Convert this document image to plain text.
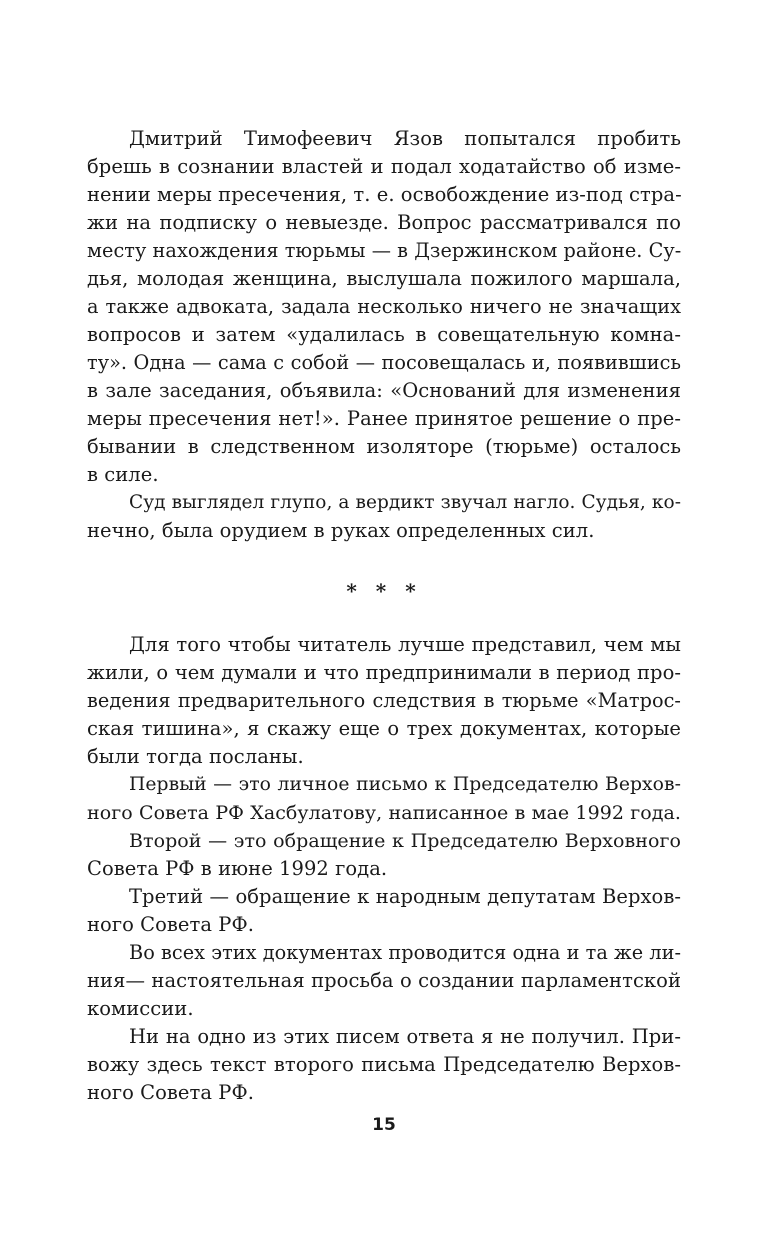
Дмитрий Тимофеевич Язов попытался пробить
брешь в сознании властей и подал ходатайство об изме-
нении меры пресечения, т. е. освобождение из-под стра-
жи на подписку о невыезде. Вопрос рассматривался по
месту нахождения тюрьмы — в Дзержинском районе. Су-
дья, молодая женщина, выслушала пожилого маршала,
а также адвоката, задала несколько ничего не значащих
вопросов и затем «удалилась в совещательную комна-
ту». Одна — сама с собой — посовещалась и, появившись
в зале заседания, объявила: «Оснований для изменения
меры пресечения нет!». Ранее принятое решение о пре-
бывании в следственном изоляторе (тюрьме) осталось
в силе.
Суд выглядел глупо, а вердикт звучал нагло. Судья, ко-
нечно, была орудием в руках определенных сил.
* * *
Для того чтобы читатель лучше представил, чем мы
жили, о чем думали и что предпринимали в период про-
ведения предварительного следствия в тюрьме «Матрос-
ская тишина», я скажу еще о трех документах, которые
были тогда посланы.
Первый — это личное письмо к Председателю Верхов-
ного Совета РФ Хасбулатову, написанное в мае 1992 года.
Второй — это обращение к Председателю Верховного
Совета РФ в июне 1992 года.
Третий — обращение к народным депутатам Верхов-
ного Совета РФ.
Во всех этих документах проводится одна и та же ли-
ния— настоятельная просьба о создании парламентской
комиссии.
Ни на одно из этих писем ответа я не получил. При-
вожу здесь текст второго письма Председателю Верхов-
ного Совета РФ.
15
